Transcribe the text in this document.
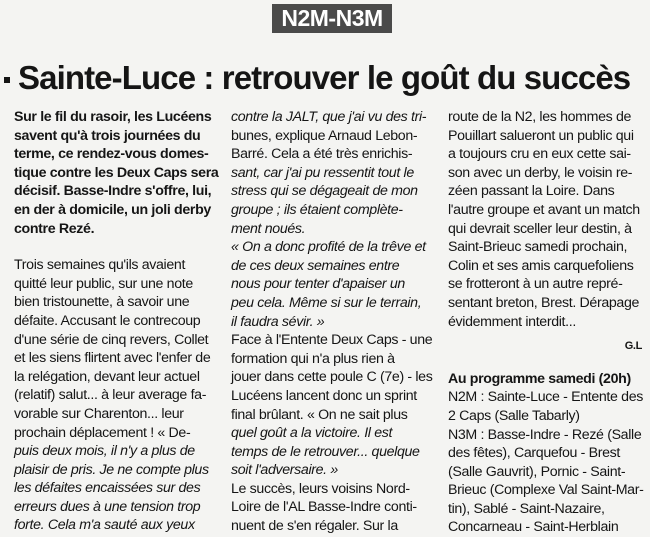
N2M-N3M
Sainte-Luce : retrouver le goût du succès

Sur le fil du rasoir, les Lucéens
savent qu'à trois journées du
terme, ce rendez-vous domes-
tique contre les Deux Caps sera
décisif. Basse-Indre s'offre, lui,
en der à domicile, un joli derby
contre Rezé.

Trois semaines qu'ils avaient
quitté leur public, sur une note
bien tristounette, à savoir une
défaite. Accusant le contrecoup
d'une série de cinq revers, Collet
et les siens flirtent avec l'enfer de
la relégation, devant leur actuel
(relatif) salut... à leur average fa-
vorable sur Charenton... leur
prochain déplacement ! « De-
puis deux mois, il n'y a plus de
plaisir de pris. Je ne compte plus
les défaites encaissées sur des
erreurs dues à une tension trop
forte. Cela m'a sauté aux yeux

contre la JALT, que j'ai vu des tri-
bunes, explique Arnaud Lebon-
Barré. Cela a été très enrichis-
sant, car j'ai pu ressentit tout le
stress qui se dégageait de mon
groupe ; ils étaient complète-
ment noués.
« On a donc profité de la trêve et
de ces deux semaines entre
nous pour tenter d'apaiser un
peu cela. Même si sur le terrain,
il faudra sévir. »
Face à l'Entente Deux Caps - une
formation qui n'a plus rien à
jouer dans cette poule C (7e) - les
Lucéens lancent donc un sprint
final brûlant. « On ne sait plus
quel goût a la victoire. Il est
temps de le retrouver... quelque
soit l'adversaire. »
Le succès, leurs voisins Nord-
Loire de l'AL Basse-Indre conti-
nuent de s'en régaler. Sur la
route de la N2, les hommes de
Pouillart salueront un public qui
a toujours cru en eux cette sai-
son avec un derby, le voisin re-
zéen passant la Loire. Dans
l'autre groupe et avant un match
qui devrait sceller leur destin, à
Saint-Brieuc samedi prochain,
Colin et ses amis carquefoliens
se frotteront à un autre repré-
sentant breton, Brest. Dérapage
évidemment interdit...
G.L
Au programme samedi (20h)
N2M : Sainte-Luce - Entente des
2 Caps (Salle Tabarly)
N3M : Basse-Indre - Rezé (Salle
des fêtes), Carquefou - Brest
(Salle Gauvrit), Pornic - Saint-
Brieuc (Complexe Val Saint-Mar-
tin), Sablé - Saint-Nazaire,
Concarneau - Saint-Herblain
